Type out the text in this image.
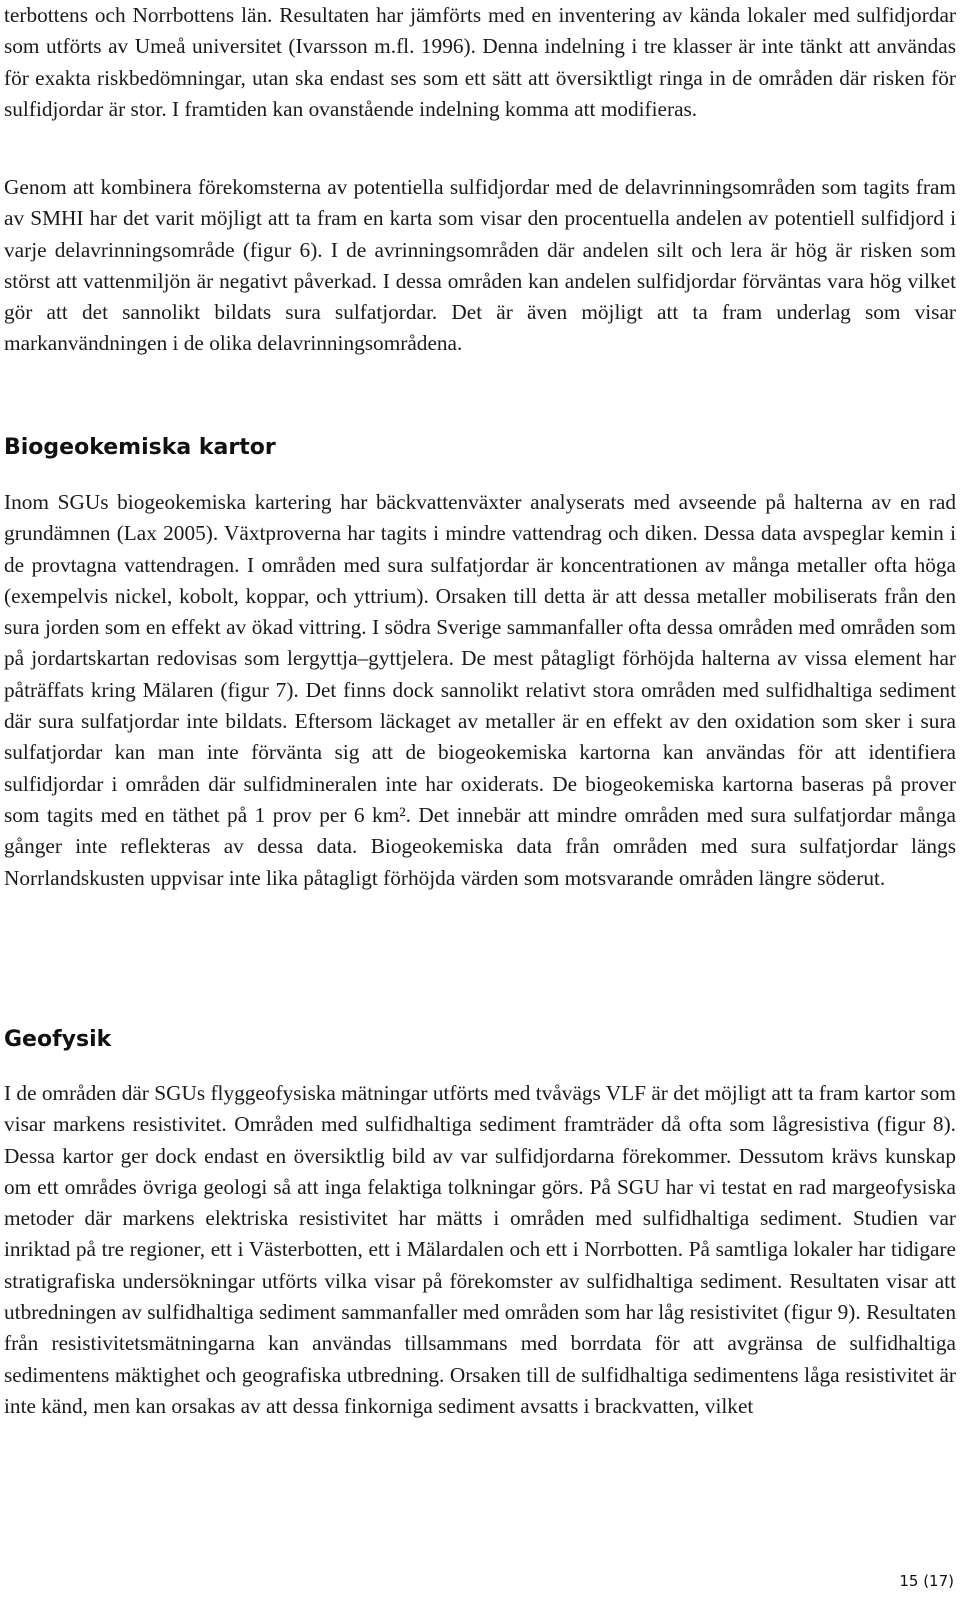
terbottens och Norrbottens län. Resultaten har jämförts med en inventering av kända lokaler med sulfidjordar som utförts av Umeå universitet (Ivarsson m.fl. 1996). Denna indelning i tre klasser är inte tänkt att användas för exakta riskbedömningar, utan ska endast ses som ett sätt att översiktligt ringa in de områden där risken för sulfidjordar är stor. I framtiden kan ovanstående indelning komma att modifieras.

Genom att kombinera förekomsterna av potentiella sulfidjordar med de delavrinningsområden som tagits fram av SMHI har det varit möjligt att ta fram en karta som visar den procentuella andelen av potentiell sulfidjord i varje delavrinningsområde (figur 6). I de avrinningsområden där andelen silt och lera är hög är risken som störst att vattenmiljön är negativt påverkad. I dessa områden kan andelen sulfidjordar förväntas vara hög vilket gör att det sannolikt bildats sura sulfatjordar. Det är även möjligt att ta fram underlag som visar markanvändningen i de olika delavrinningsområdena.

Biogeokemiska kartor

Inom SGUs biogeokemiska kartering har bäckvattenväxter analyserats med avseende på halterna av en rad grundämnen (Lax 2005). Växtproverna har tagits i mindre vattendrag och diken. Dessa data avspeglar kemin i de provtagna vattendragen. I områden med sura sulfatjordar är koncentrationen av många metaller ofta höga (exempelvis nickel, kobolt, koppar, och yttrium). Orsaken till detta är att dessa metaller mobiliserats från den sura jorden som en effekt av ökad vittring. I södra Sverige sammanfaller ofta dessa områden med områden som på jordartskartan redovisas som lergyttja–gyttjelera. De mest påtagligt förhöjda halterna av vissa element har påträffats kring Mälaren (figur 7). Det finns dock sannolikt relativt stora områden med sulfidhaltiga sediment där sura sulfatjordar inte bildats. Eftersom läckaget av metaller är en effekt av den oxidation som sker i sura sulfatjordar kan man inte förvänta sig att de biogeokemiska kartorna kan användas för att identifiera sulfidjordar i områden där sulfidmineralen inte har oxiderats. De biogeokemiska kartorna baseras på prover som tagits med en täthet på 1 prov per 6 km². Det innebär att mindre områden med sura sulfatjordar många gånger inte reflekteras av dessa data. Biogeokemiska data från områden med sura sulfatjordar längs Norrlandskusten uppvisar inte lika påtagligt förhöjda värden som motsvarande områden längre söderut.

Geofysik

I de områden där SGUs flyggeofysiska mätningar utförts med tvåvägs VLF är det möjligt att ta fram kartor som visar markens resistivitet. Områden med sulfidhaltiga sediment framträder då ofta som lågresistiva (figur 8). Dessa kartor ger dock endast en översiktlig bild av var sulfidjordarna förekommer. Dessutom krävs kunskap om ett områdes övriga geologi så att inga felaktiga tolkningar görs. På SGU har vi testat en rad margeofysiska metoder där markens elektriska resistivitet har mätts i områden med sulfidhaltiga sediment. Studien var inriktad på tre regioner, ett i Västerbotten, ett i Mälardalen och ett i Norrbotten. På samtliga lokaler har tidigare stratigrafiska undersökningar utförts vilka visar på förekomster av sulfidhaltiga sediment. Resultaten visar att utbredningen av sulfidhaltiga sediment sammanfaller med områden som har låg resistivitet (figur 9). Resultaten från resistivitetsmätningarna kan användas tillsammans med borrdata för att avgränsa de sulfidhaltiga sedimentens mäktighet och geografiska utbredning. Orsaken till de sulfidhaltiga sedimentens låga resistivitet är inte känd, men kan orsakas av att dessa finkorniga sediment avsatts i brackvatten, vilket

15 (17)
